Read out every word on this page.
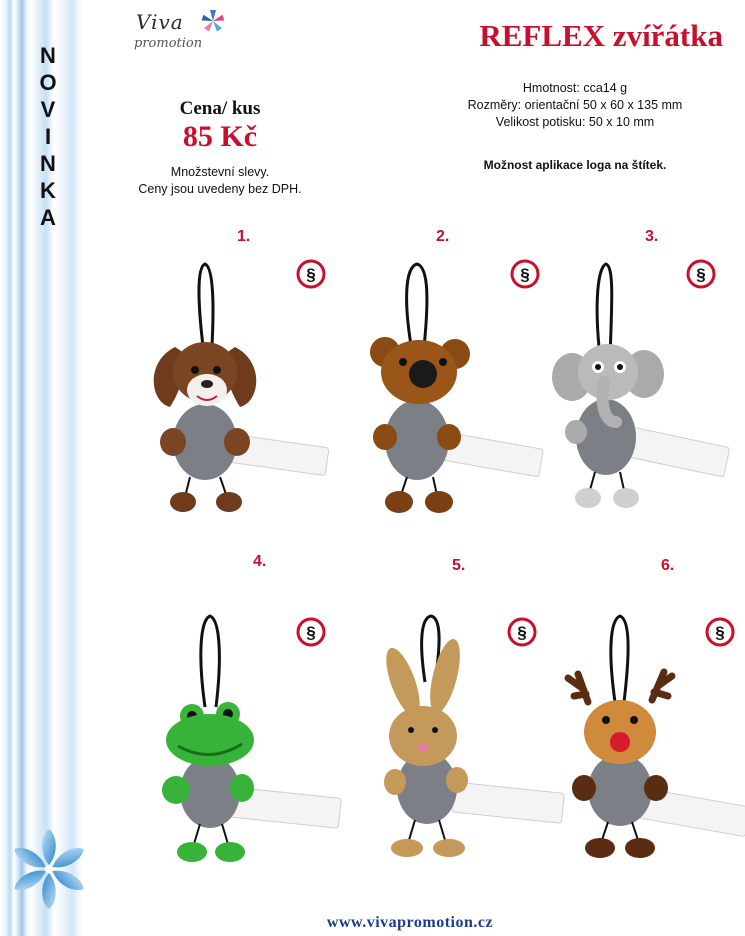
N
O
V
I
N
K
A
Viva
promotion	REFLEX zvířátka
Hmotnost: cca14 g
Rozměry: orientační 50 x 60 x 135 mm
Velikost potisku: 50 x 10 mm
Možnost aplikace loga na štítek.
Cena/ kus
85 Kč
Množstevní slevy.
Ceny jsou uvedeny bez DPH.
1.	2.	3.
4.	5.	6.
§	§	§
§	§	§
www.vivapromotion.cz
